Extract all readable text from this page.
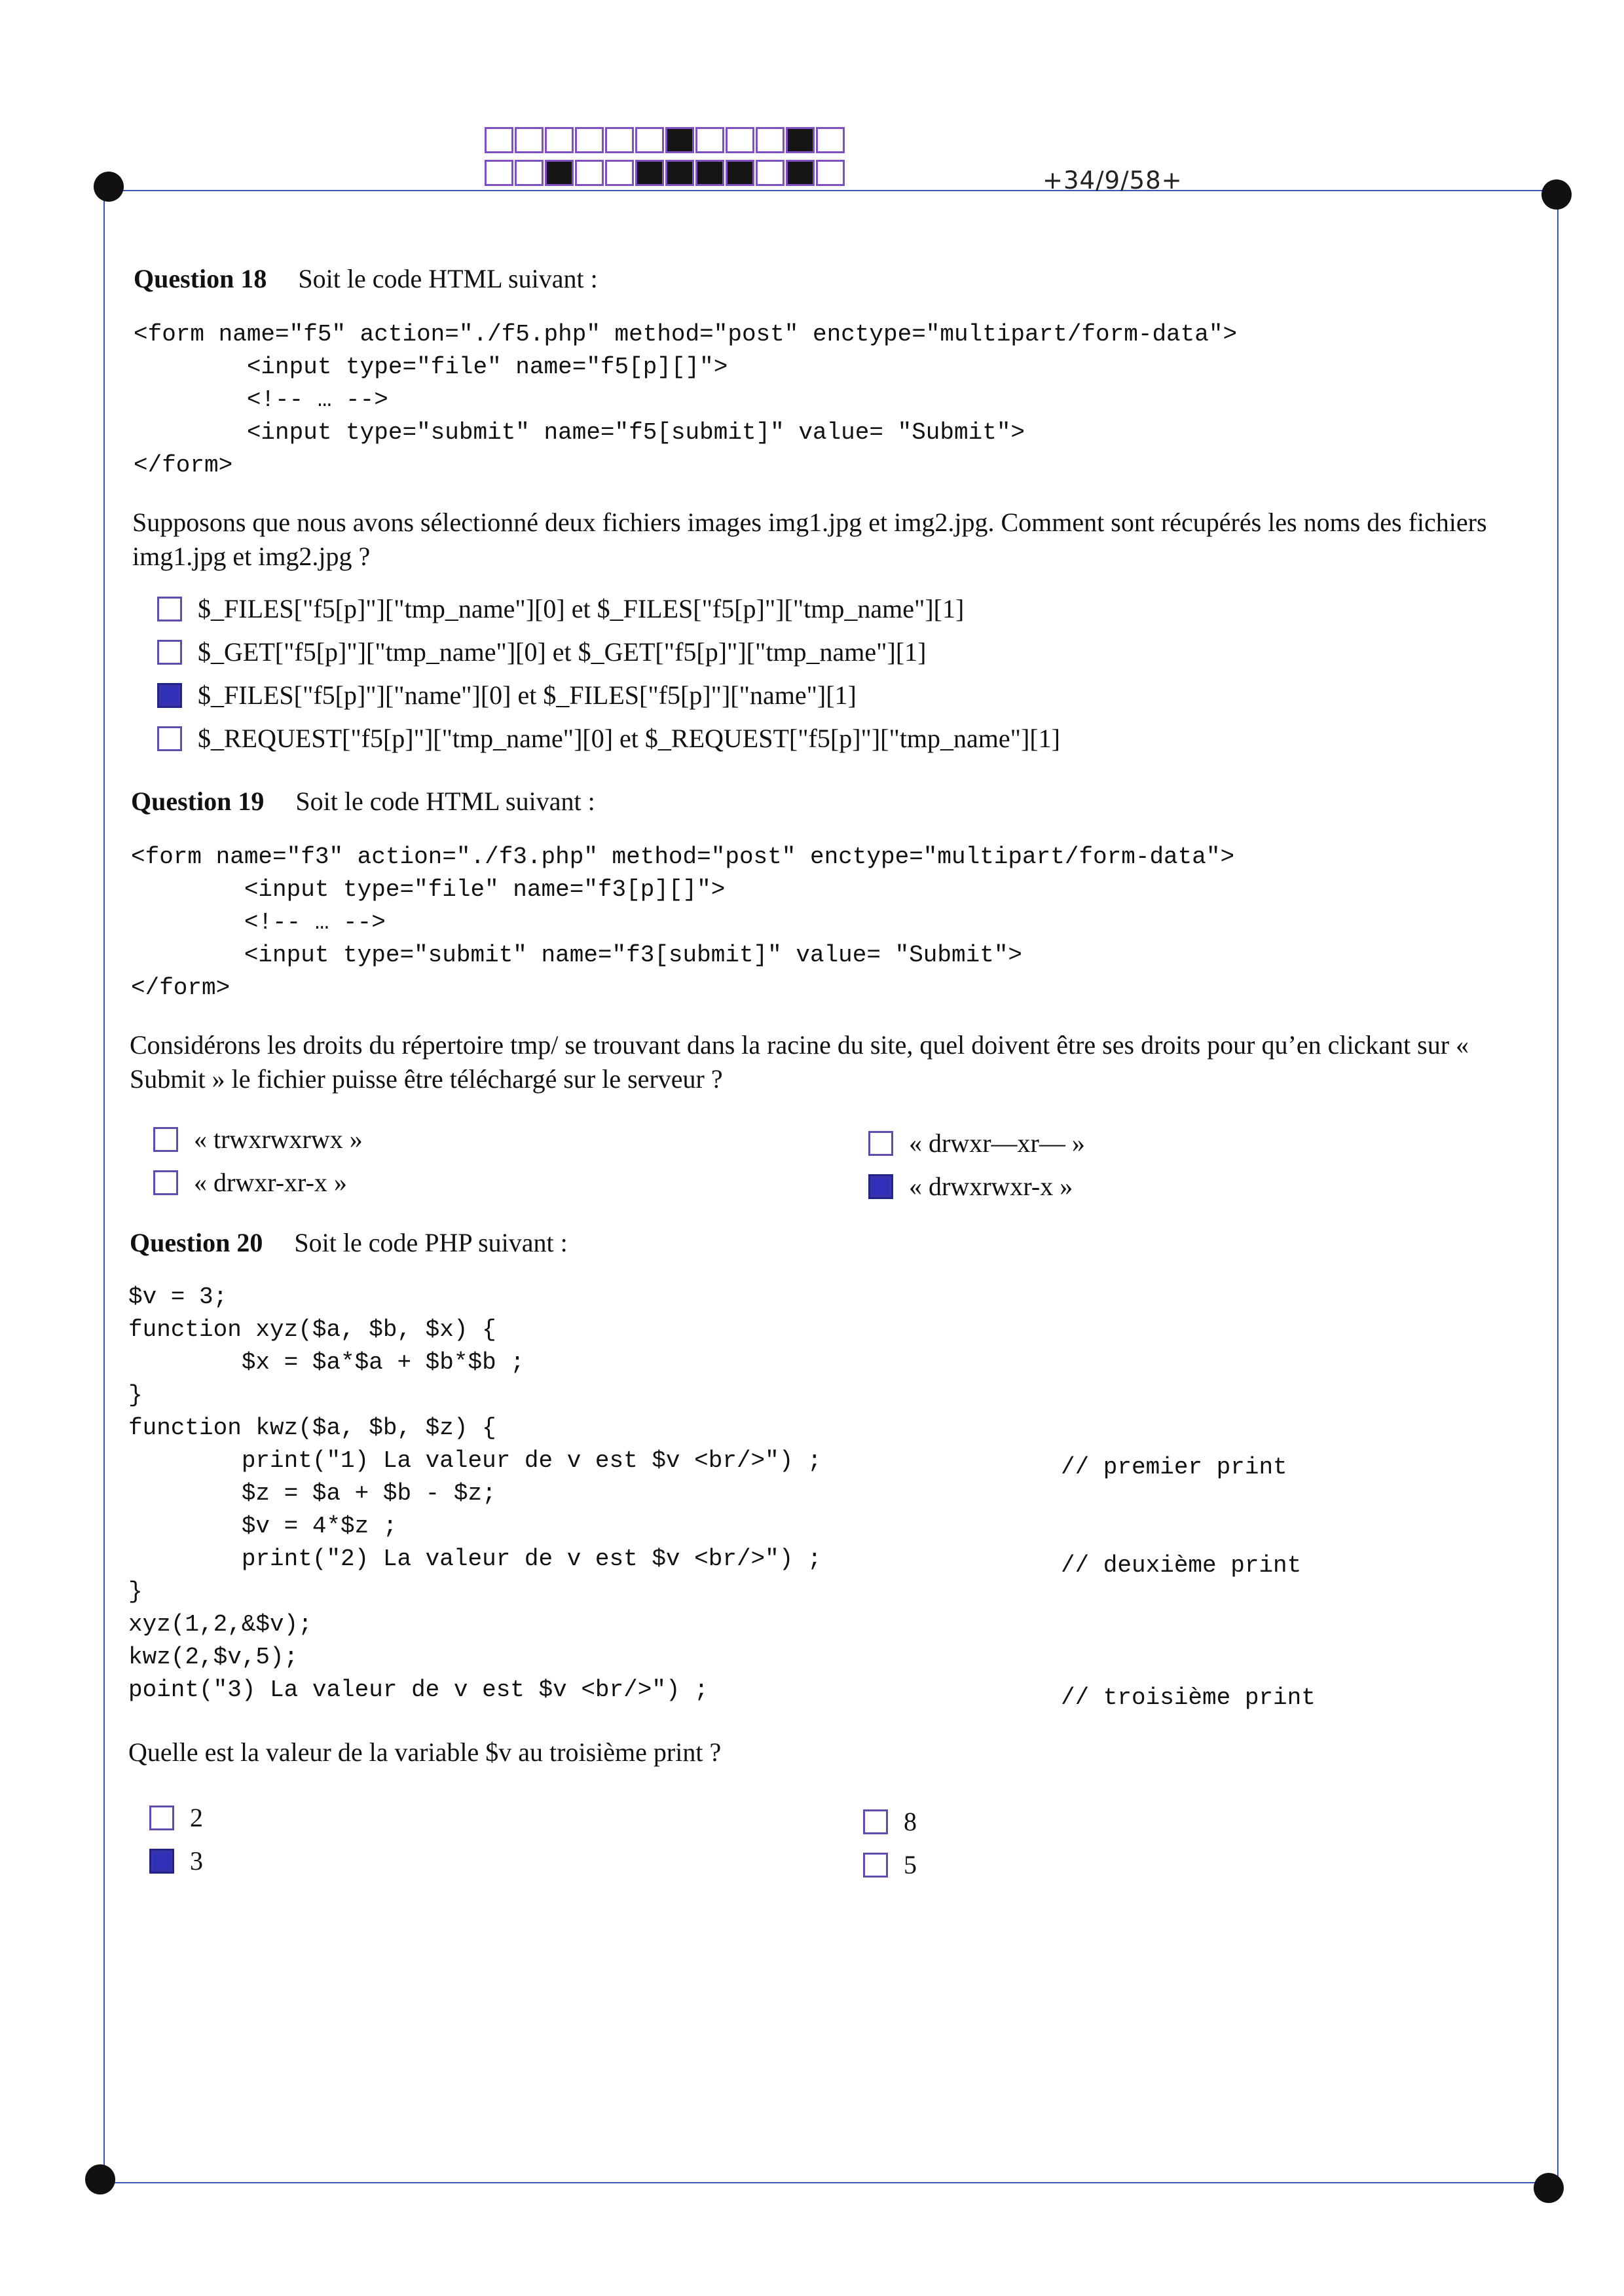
+34/9/58+
Question 18 Soit le code HTML suivant :
<form name="f5" action="./f5.php" method="post" enctype="multipart/form-data">
<input type="file" name="f5[p][]">
<!-- … -->
<input type="submit" name="f5[submit]" value= "Submit">
</form>
Supposons que nous avons sélectionné deux fichiers images img1.jpg et img2.jpg. Comment sont récupérés les noms des fichiers img1.jpg et img2.jpg ?
$_FILES["f5[p]"]["tmp_name"][0] et $_FILES["f5[p]"]["tmp_name"][1]
$_GET["f5[p]"]["tmp_name"][0] et $_GET["f5[p]"]["tmp_name"][1]
$_FILES["f5[p]"]["name"][0] et $_FILES["f5[p]"]["name"][1]
$_REQUEST["f5[p]"]["tmp_name"][0] et $_REQUEST["f5[p]"]["tmp_name"][1]
Question 19 Soit le code HTML suivant :
<form name="f3" action="./f3.php" method="post" enctype="multipart/form-data">
<input type="file" name="f3[p][]">
<!-- … -->
<input type="submit" name="f3[submit]" value= "Submit">
</form>
Considérons les droits du répertoire tmp/ se trouvant dans la racine du site, quel doivent être ses droits pour qu’en clickant sur « Submit » le fichier puisse être téléchargé sur le serveur ?
« trwxrwxrwx »
« drwxr-xr-x »
« drwxr—xr–– »
« drwxrwxr-x »
Question 20 Soit le code PHP suivant :
$v = 3;
function xyz($a, $b, $x) {
$x = $a*$a + $b*$b ;
}
function kwz($a, $b, $z) {
print("1) La valeur de v est $v <br/>") ;
$z = $a + $b - $z;
$v = 4*$z ;
print("2) La valeur de v est $v <br/>") ;
}
xyz(1,2,&$v);
kwz(2,$v,5);
point("3) La valeur de v est $v <br/>") ;
// premier print
// deuxième print
// troisième print
Quelle est la valeur de la variable $v au troisième print ?
2
3
8
5
